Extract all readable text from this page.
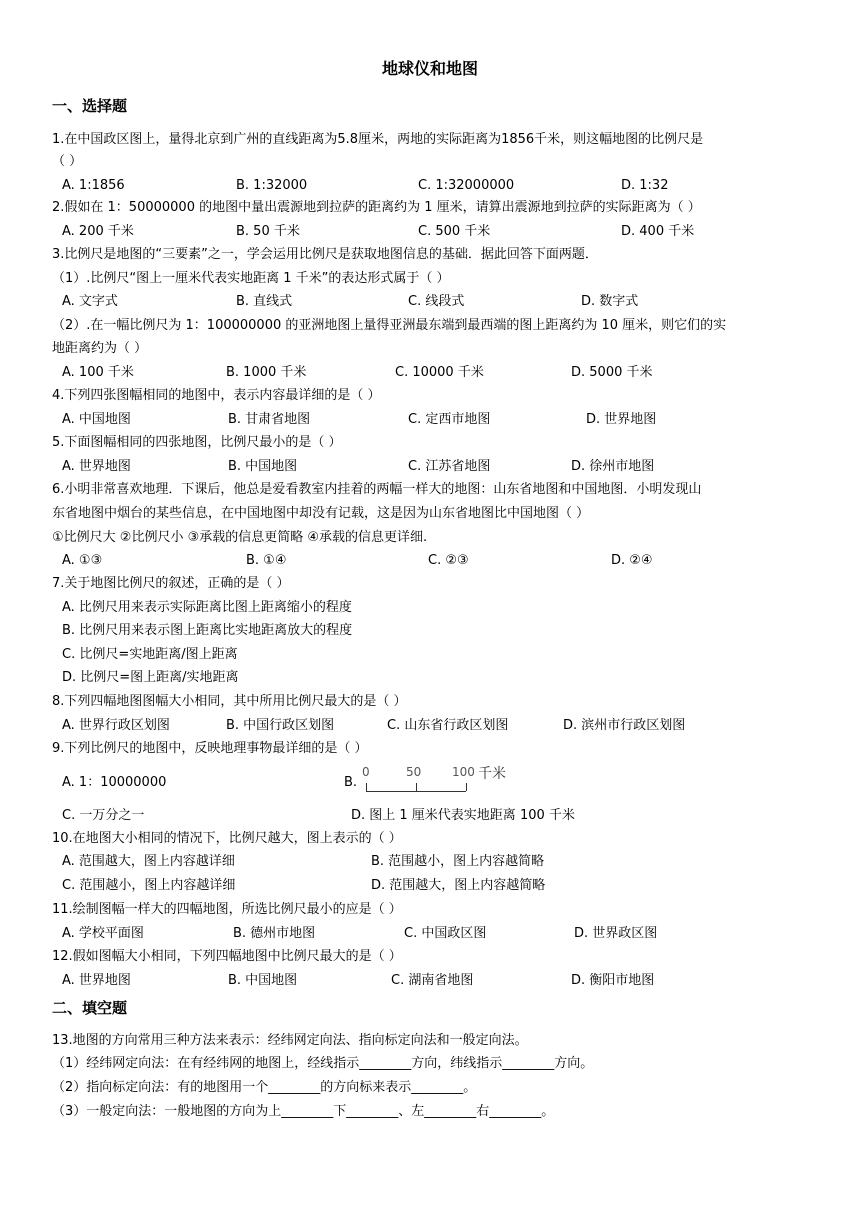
地球仪和地图
一、选择题
1.在中国政区图上，量得北京到广州的直线距离为5.8厘米，两地的实际距离为1856千米，则这幅地图的比例尺是
（ ）
A. 1:1856	B. 1:32000	C. 1:32000000	D. 1:32
2.假如在 1：50000000 的地图中量出震源地到拉萨的距离约为 1 厘米，请算出震源地到拉萨的实际距离为（ ）
A. 200 千米	B. 50 千米	C. 500 千米	D. 400 千米
3.比例尺是地图的“三要素”之一，学会运用比例尺是获取地图信息的基础．据此回答下面两题．
（1）.比例尺“图上一厘米代表实地距离 1 千米”的表达形式属于（ ）
A. 文字式	B. 直线式	C. 线段式	D. 数字式
（2）.在一幅比例尺为 1：100000000 的亚洲地图上量得亚洲最东端到最西端的图上距离约为 10 厘米，则它们的实
地距离约为（ ）
A. 100 千米	B. 1000 千米	C. 10000 千米	D. 5000 千米
4.下列四张图幅相同的地图中，表示内容最详细的是（ ）
A. 中国地图	B. 甘肃省地图	C. 定西市地图	D. 世界地图
5.下面图幅相同的四张地图，比例尺最小的是（ ）
A. 世界地图	B. 中国地图	C. 江苏省地图	D. 徐州市地图
6.小明非常喜欢地理．下课后，他总是爱看教室内挂着的两幅一样大的地图：山东省地图和中国地图．小明发现山
东省地图中烟台的某些信息，在中国地图中却没有记载，这是因为山东省地图比中国地图（ ）
①比例尺大 ②比例尺小 ③承载的信息更简略 ④承载的信息更详细.
A. ①③	B. ①④	C. ②③	D. ②④
7.关于地图比例尺的叙述，正确的是（ ）
A. 比例尺用来表示实际距离比图上距离缩小的程度
B. 比例尺用来表示图上距离比实地距离放大的程度
C. 比例尺=实地距离/图上距离
D. 比例尺=图上距离/实地距离
8.下列四幅地图图幅大小相同，其中所用比例尺最大的是（ ）
A. 世界行政区划图	B. 中国行政区划图	C. 山东省行政区划图	D. 滨州市行政区划图
9.下列比例尺的地图中，反映地理事物最详细的是（ ）
A. 1：10000000	B.
0	50	100 千米
C. 一万分之一	D. 图上 1 厘米代表实地距离 100 千米
10.在地图大小相同的情况下，比例尺越大，图上表示的（ ）
A. 范围越大，图上内容越详细	B. 范围越小，图上内容越简略
C. 范围越小，图上内容越详细	D. 范围越大，图上内容越简略
11.绘制图幅一样大的四幅地图，所选比例尺最小的应是（ ）
A. 学校平面图	B. 德州市地图	C. 中国政区图	D. 世界政区图
12.假如图幅大小相同，下列四幅地图中比例尺最大的是（ ）
A. 世界地图	B. 中国地图	C. 湖南省地图	D. 衡阳市地图
二、填空题
13.地图的方向常用三种方法来表示：经纬网定向法、指向标定向法和一般定向法。
（1）经纬网定向法：在有经纬网的地图上，经线指示________方向，纬线指示________方向。
（2）指向标定向法：有的地图用一个________的方向标来表示________。
（3）一般定向法：一般地图的方向为上________下________、左________右________。
